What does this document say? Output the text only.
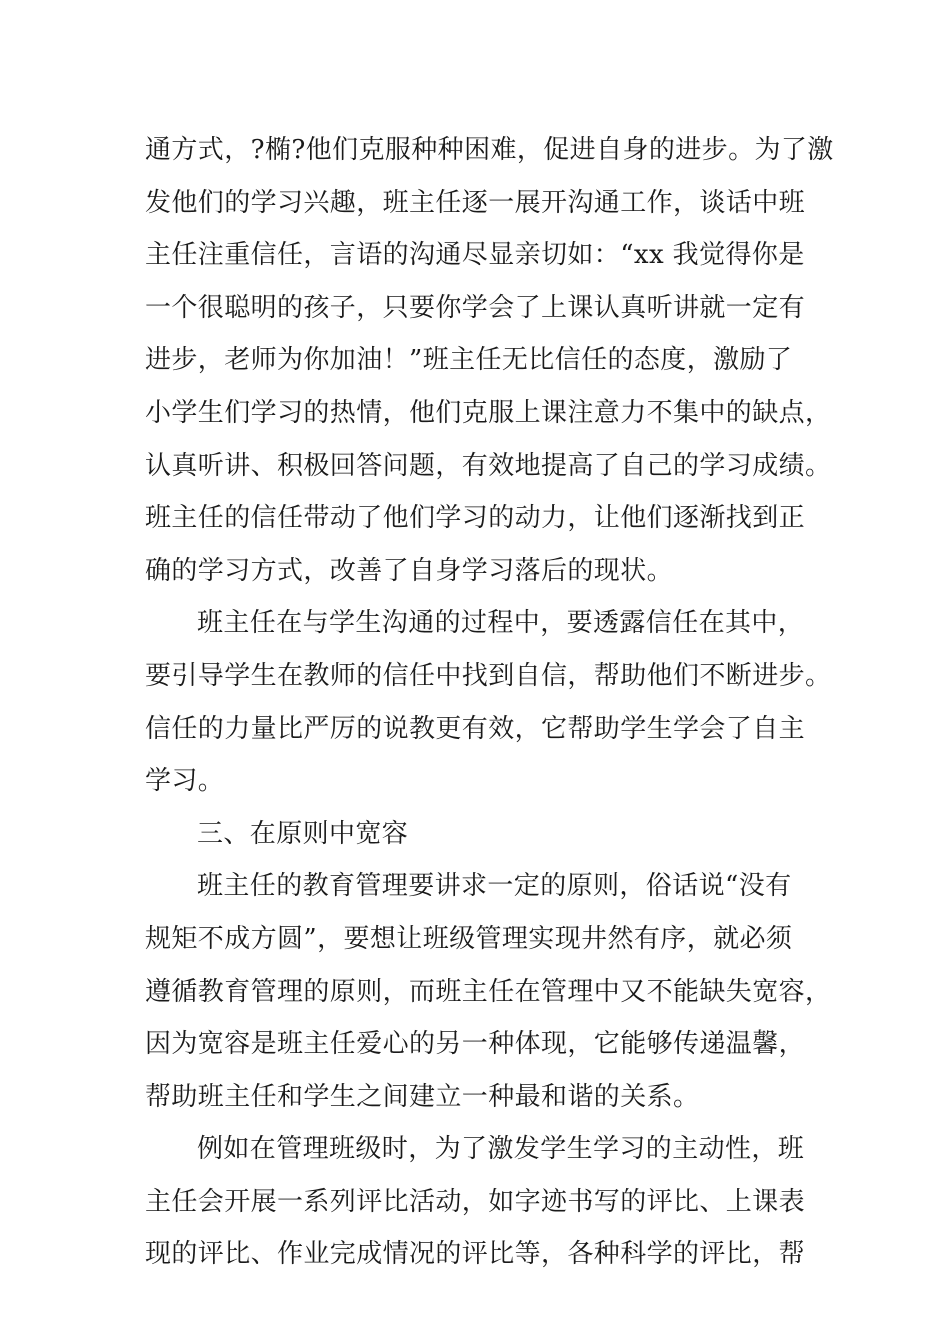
通方式，?椭?他们克服种种困难，促进自身的进步。为了激
发他们的学习兴趣，班主任逐一展开沟通工作，谈话中班
主任注重信任，言语的沟通尽显亲切如：“xx 我觉得你是
一个很聪明的孩子，只要你学会了上课认真听讲就一定有
进步，老师为你加油！”班主任无比信任的态度，激励了
小学生们学习的热情，他们克服上课注意力不集中的缺点，
认真听讲、积极回答问题，有效地提高了自己的学习成绩。
班主任的信任带动了他们学习的动力，让他们逐渐找到正
确的学习方式，改善了自身学习落后的现状。
班主任在与学生沟通的过程中，要透露信任在其中，
要引导学生在教师的信任中找到自信，帮助他们不断进步。
信任的力量比严厉的说教更有效，它帮助学生学会了自主
学习。
三、在原则中宽容
班主任的教育管理要讲求一定的原则，俗话说“没有
规矩不成方圆”，要想让班级管理实现井然有序，就必须
遵循教育管理的原则，而班主任在管理中又不能缺失宽容，
因为宽容是班主任爱心的另一种体现，它能够传递温馨，
帮助班主任和学生之间建立一种最和谐的关系。
例如在管理班级时，为了激发学生学习的主动性，班
主任会开展一系列评比活动，如字迹书写的评比、上课表
现的评比、作业完成情况的评比等，各种科学的评比，帮
